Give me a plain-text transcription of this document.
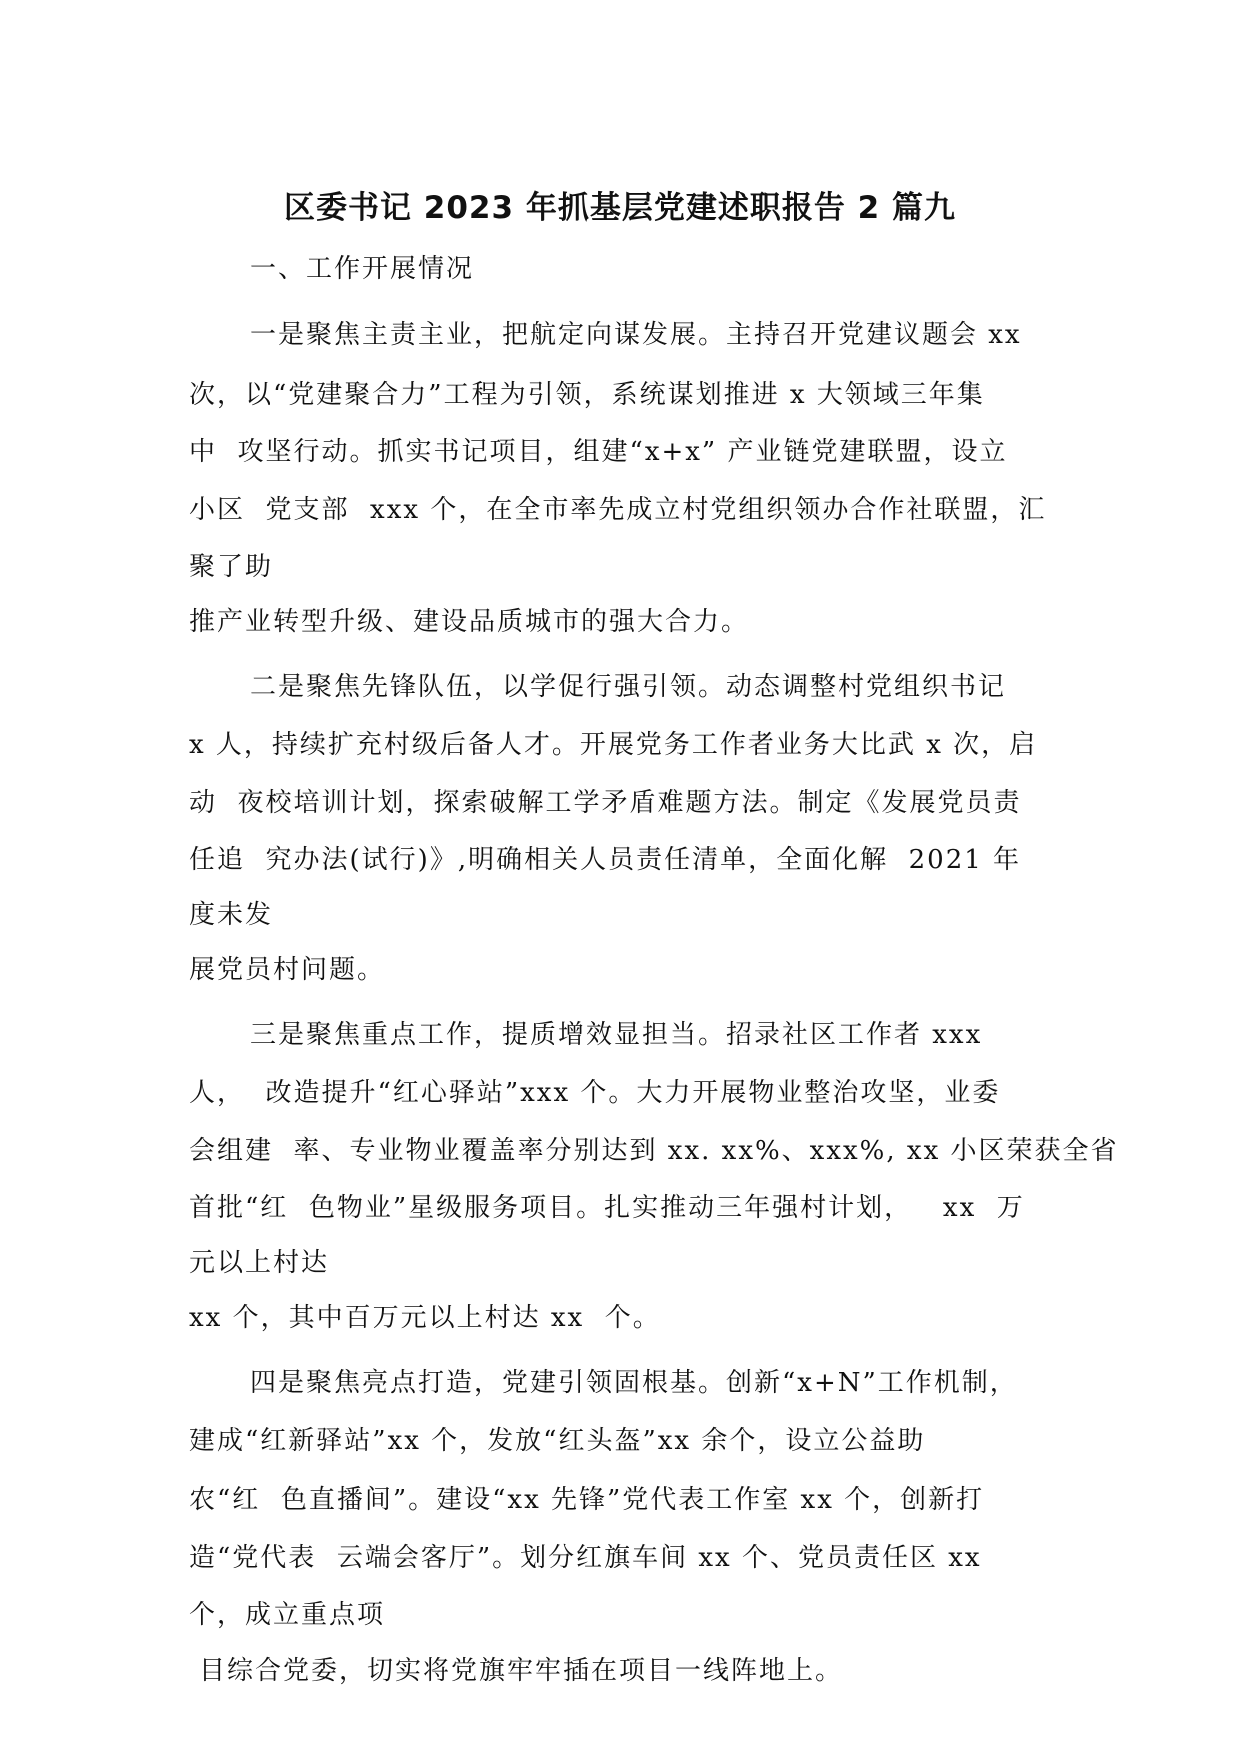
区委书记 2023 年抓基层党建述职报告 2 篇九
一、工作开展情况
一是聚焦主责主业，把航定向谋发展。主持召开党建议题会 xx
次，以“党建聚合力”工程为引领，系统谋划推进 x 大领域三年集
中  攻坚行动。抓实书记项目，组建“x+x” 产业链党建联盟，设立
小区  党支部  xxx 个，在全市率先成立村党组织领办合作社联盟，汇
聚了助
推产业转型升级、建设品质城市的强大合力。
二是聚焦先锋队伍，以学促行强引领。动态调整村党组织书记
x 人，持续扩充村级后备人才。开展党务工作者业务大比武 x 次，启
动  夜校培训计划，探索破解工学矛盾难题方法。制定《发展党员责
任追  究办法(试行)》,明确相关人员责任清单，全面化解  2021 年
度未发
展党员村问题。
三是聚焦重点工作，提质增效显担当。招录社区工作者 xxx
人，  改造提升“红心驿站”xxx 个。大力开展物业整治攻坚，业委
会组建  率、专业物业覆盖率分别达到 xx. xx%、xxx%, xx 小区荣获全省
首批“红  色物业”星级服务项目。扎实推动三年强村计划，   xx  万
元以上村达
xx 个，其中百万元以上村达 xx  个。
四是聚焦亮点打造，党建引领固根基。创新“x+N”工作机制，
建成“红新驿站”xx 个，发放“红头盔”xx 余个，设立公益助
农“红  色直播间”。建设“xx 先锋”党代表工作室 xx 个，创新打
造“党代表  云端会客厅”。划分红旗车间 xx 个、党员责任区 xx
个，成立重点项
目综合党委，切实将党旗牢牢插在项目一线阵地上。
